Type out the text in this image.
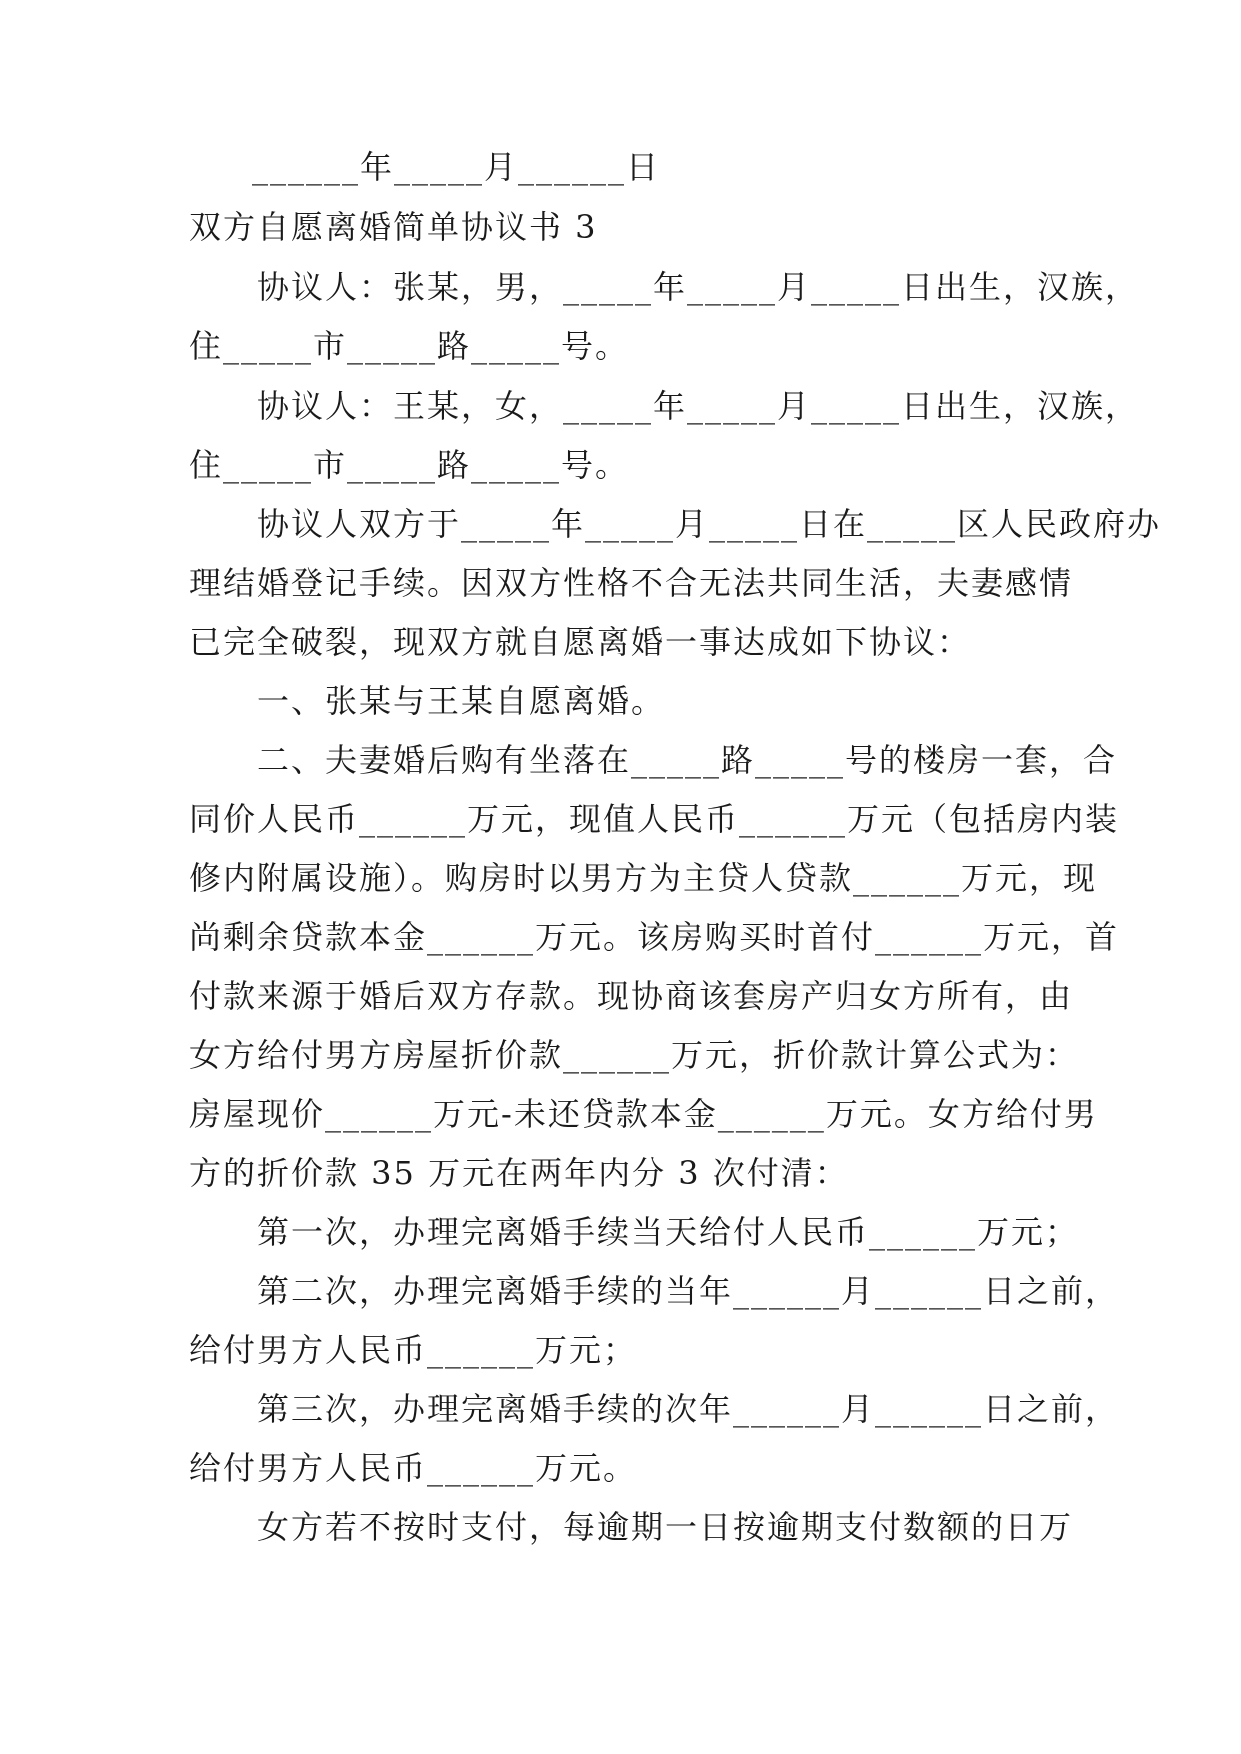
______年_____月______日

双方自愿离婚简单协议书 3

协议人：张某，男，_____年_____月_____日出生，汉族，

住_____市_____路_____号。

协议人：王某，女，_____年_____月_____日出生，汉族，

住_____市_____路_____号。

协议人双方于_____年_____月_____日在_____区人民政府办

理结婚登记手续。因双方性格不合无法共同生活，夫妻感情

已完全破裂，现双方就自愿离婚一事达成如下协议：

一、张某与王某自愿离婚。

二、夫妻婚后购有坐落在_____路_____号的楼房一套，合

同价人民币______万元，现值人民币______万元（包括房内装

修内附属设施）。购房时以男方为主贷人贷款______万元，现

尚剩余贷款本金______万元。该房购买时首付______万元，首

付款来源于婚后双方存款。现协商该套房产归女方所有，由

女方给付男方房屋折价款______万元，折价款计算公式为：

房屋现价______万元-未还贷款本金______万元。女方给付男

方的折价款 35 万元在两年内分 3 次付清：

第一次，办理完离婚手续当天给付人民币______万元；

第二次，办理完离婚手续的当年______月______日之前，

给付男方人民币______万元；

第三次，办理完离婚手续的次年______月______日之前，

给付男方人民币______万元。

女方若不按时支付，每逾期一日按逾期支付数额的日万
